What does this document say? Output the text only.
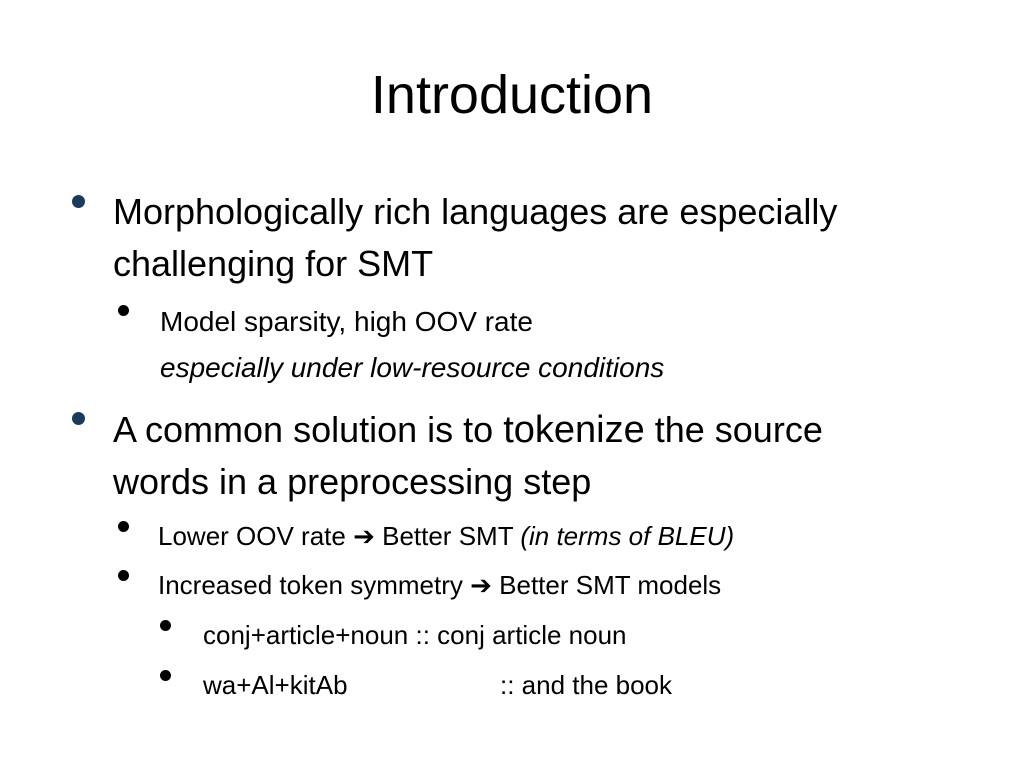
Introduction
Morphologically rich languages are especially
challenging for SMT
Model sparsity, high OOV rate
especially under low-resource conditions
A common solution is to tokenize the source
words in a preprocessing step
Lower OOV rate ➔ Better SMT (in terms of BLEU)
Increased token symmetry ➔ Better SMT models
conj+article+noun :: conj article noun
wa+Al+kitAb	:: and the book
